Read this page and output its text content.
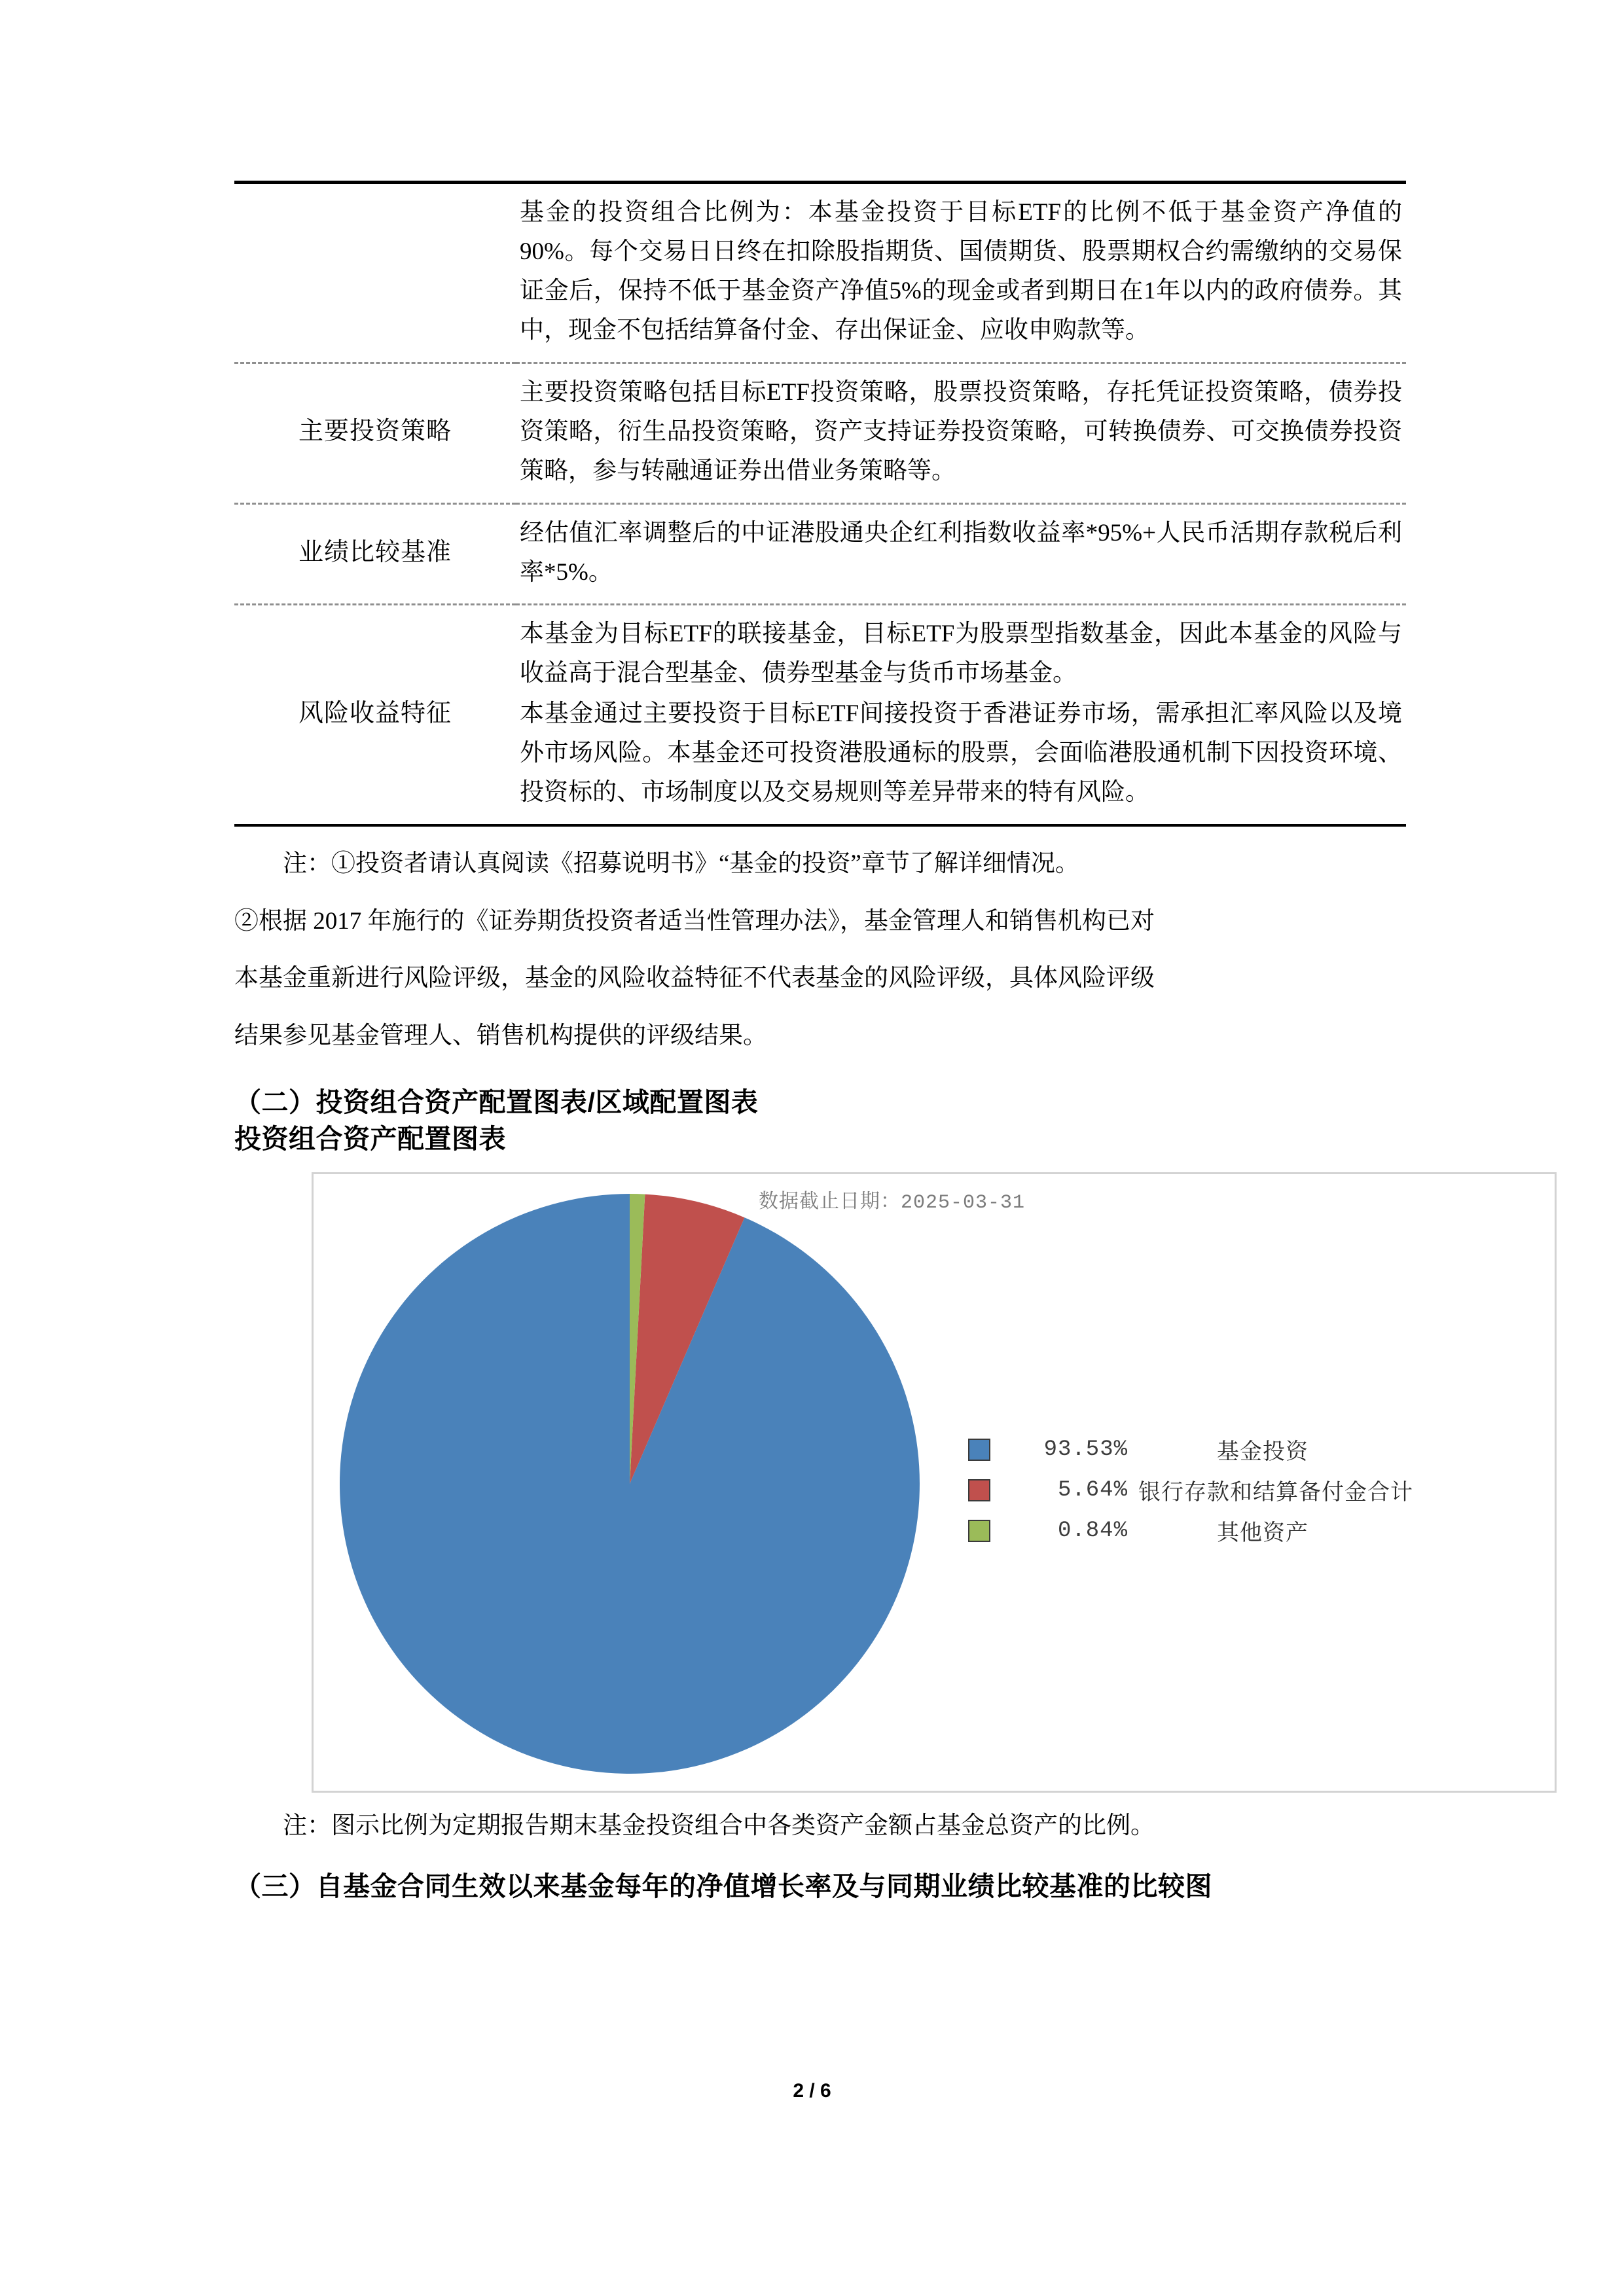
	基金的投资组合比例为：本基金投资于目标ETF的比例不低于基金资产净值的90%。每个交易日日终在扣除股指期货、国债期货、股票期权合约需缴纳的交易保证金后，保持不低于基金资产净值5%的现金或者到期日在1年以内的政府债券。其中，现金不包括结算备付金、存出保证金、应收申购款等。

主要投资策略	主要投资策略包括目标ETF投资策略，股票投资策略，存托凭证投资策略，债券投资策略，衍生品投资策略，资产支持证券投资策略，可转换债券、可交换债券投资策略，参与转融通证券出借业务策略等。

业绩比较基准	经估值汇率调整后的中证港股通央企红利指数收益率*95%+人民币活期存款税后利率*5%。

风险收益特征	本基金为目标ETF的联接基金，目标ETF为股票型指数基金，因此本基金的风险与收益高于混合型基金、债券型基金与货币市场基金。

本基金通过主要投资于目标ETF间接投资于香港证券市场，需承担汇率风险以及境外市场风险。本基金还可投资港股通标的股票，会面临港股通机制下因投资环境、投资标的、市场制度以及交易规则等差异带来的特有风险。

注：①投资者请认真阅读《招募说明书》“基金的投资”章节了解详细情况。

②根据 2017 年施行的《证券期货投资者适当性管理办法》，基金管理人和销售机构已对

本基金重新进行风险评级，基金的风险收益特征不代表基金的风险评级，具体风险评级

结果参见基金管理人、销售机构提供的评级结果。

（二）投资组合资产配置图表/区域配置图表

投资组合资产配置图表

数据截止日期：2025-03-31
93.53%	基金投资
5.64% 银行存款和结算备付金合计
0.84%	其他资产

注：图示比例为定期报告期末基金投资组合中各类资产金额占基金总资产的比例。

（三）自基金合同生效以来基金每年的净值增长率及与同期业绩比较基准的比较图

2 / 6
